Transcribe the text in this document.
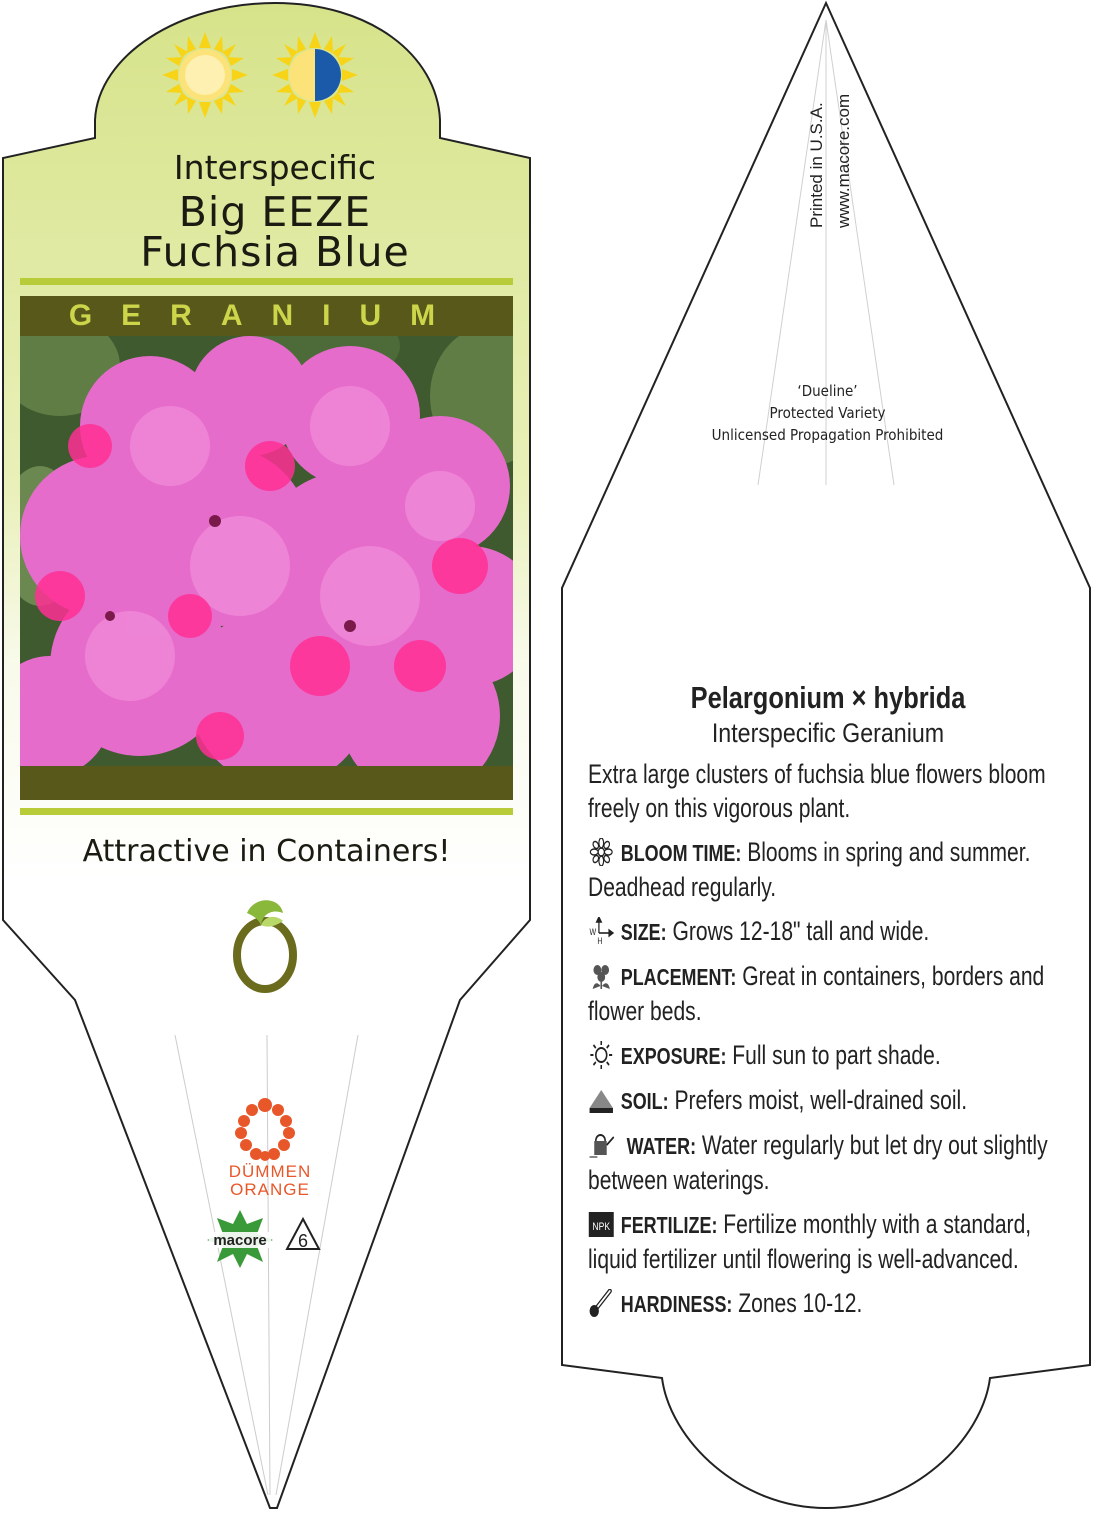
Interspecific
Big EEZE
Fuchsia Blue
GERANIUM
Attractive in Containers!
DÜMMEN ORANGE
macore 6
Printed in U.S.A. www.macore.com
‘Dueline’
Protected Variety
Unlicensed Propagation Prohibited
Pelargonium × hybrida
Interspecific Geranium
Extra large clusters of fuchsia blue flowers bloom freely on this vigorous plant.
BLOOM TIME: Blooms in spring and summer. Deadhead regularly.
W
H SIZE: Grows 12-18" tall and wide.
PLACEMENT: Great in containers, borders and flower beds.
EXPOSURE: Full sun to part shade.
SOIL: Prefers moist, well-drained soil.
WATER: Water regularly but let dry out slightly between waterings.
NPK FERTILIZE: Fertilize monthly with a standard, liquid fertilizer until flowering is well-advanced.
HARDINESS: Zones 10-12.
